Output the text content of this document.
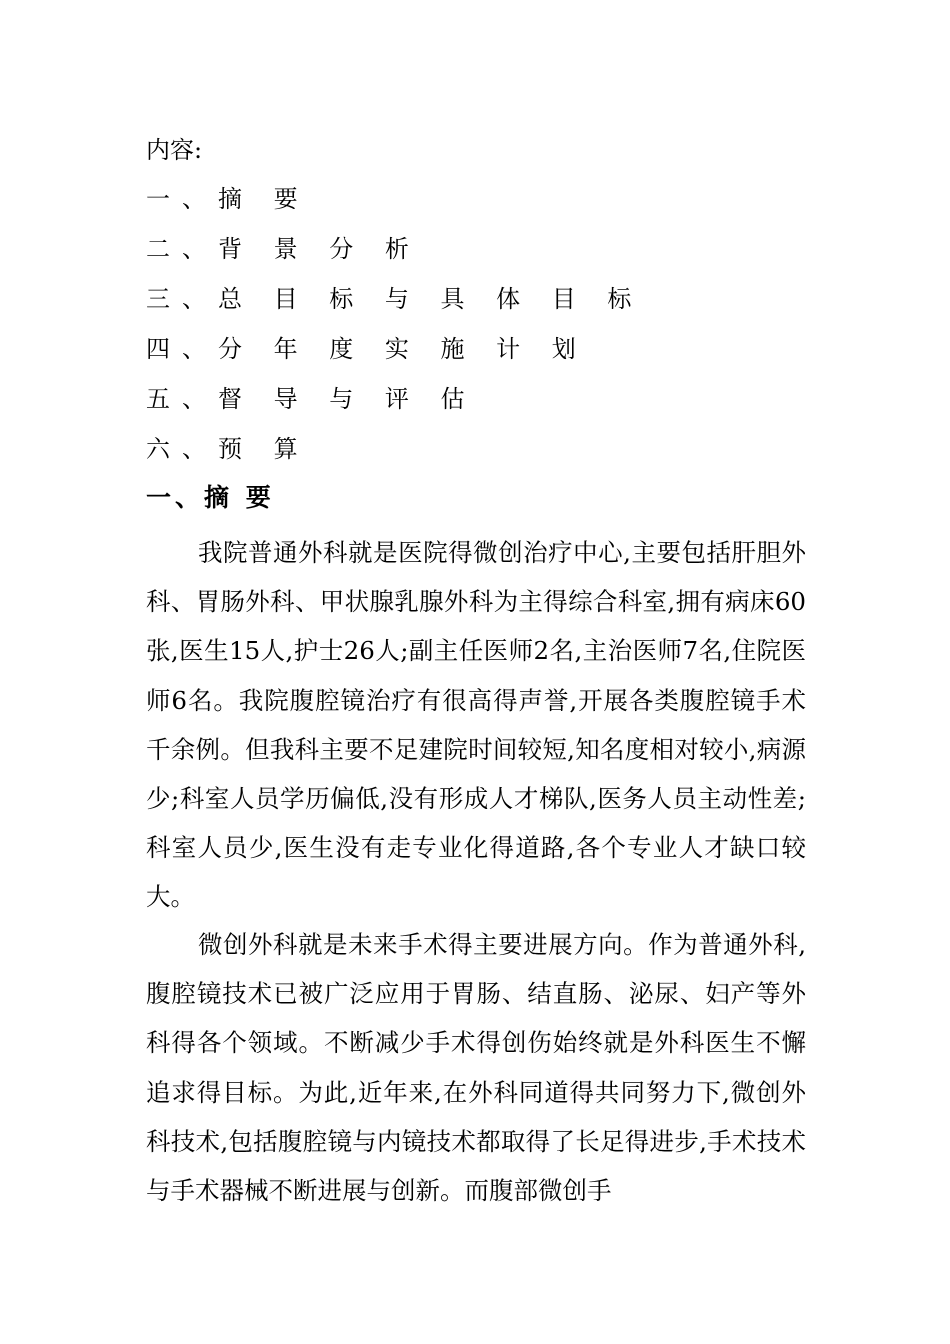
内容:
一、摘 要
二、背 景 分 析
三、总 目 标 与 具 体 目 标
四、分 年 度 实 施 计 划
五、督 导 与 评 估
六、预 算
一、摘 要

我院普通外科就是医院得微创治疗中心,主要包括肝胆外科、胃肠外科、甲状腺乳腺外科为主得综合科室,拥有病床60张,医生15人,护士26人;副主任医师2名,主治医师7名,住院医师6名。我院腹腔镜治疗有很高得声誉,开展各类腹腔镜手术千余例。但我科主要不足建院时间较短,知名度相对较小,病源少;科室人员学历偏低,没有形成人才梯队,医务人员主动性差;科室人员少,医生没有走专业化得道路,各个专业人才缺口较大。

微创外科就是未来手术得主要进展方向。作为普通外科,腹腔镜技术已被广泛应用于胃肠、结直肠、泌尿、妇产等外科得各个领域。不断减少手术得创伤始终就是外科医生不懈追求得目标。为此,近年来,在外科同道得共同努力下,微创外科技术,包括腹腔镜与内镜技术都取得了长足得进步,手术技术与手术器械不断进展与创新。而腹部微创手
